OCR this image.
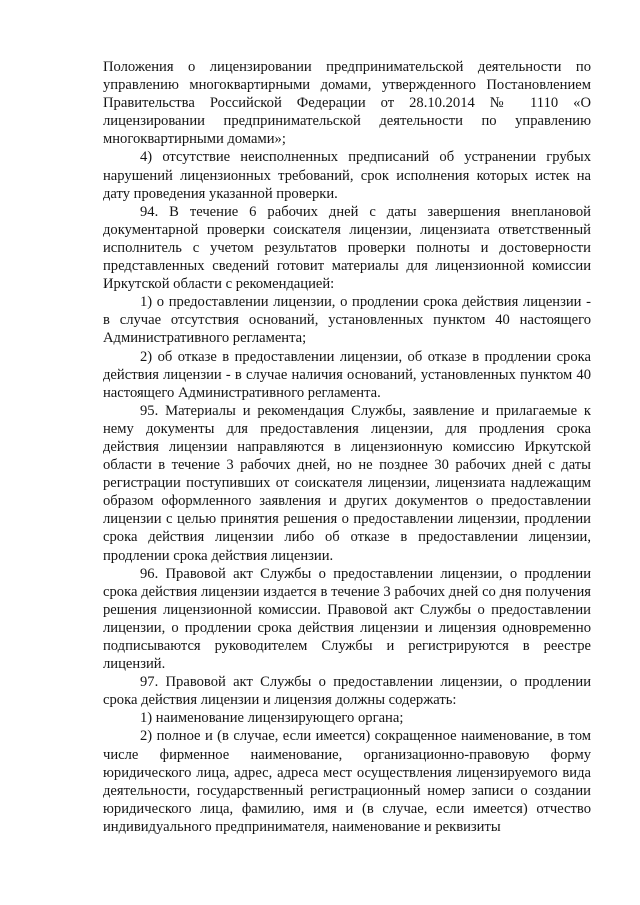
Положения о лицензировании предпринимательской деятельности по управлению многоквартирными домами, утвержденного Постановлением Правительства Российской Федерации от 28.10.2014 № 1110 «О лицензировании предпринимательской деятельности по управлению многоквартирными домами»;

4) отсутствие неисполненных предписаний об устранении грубых нарушений лицензионных требований, срок исполнения которых истек на дату проведения указанной проверки.

94. В течение 6 рабочих дней с даты завершения внеплановой документарной проверки соискателя лицензии, лицензиата ответственный исполнитель с учетом результатов проверки полноты и достоверности представленных сведений готовит материалы для лицензионной комиссии Иркутской области с рекомендацией:

1) о предоставлении лицензии, о продлении срока действия лицензии - в случае отсутствия оснований, установленных пунктом 40 настоящего Административного регламента;

2) об отказе в предоставлении лицензии, об отказе в продлении срока действия лицензии - в случае наличия оснований, установленных пунктом 40 настоящего Административного регламента.

95. Материалы и рекомендация Службы, заявление и прилагаемые к нему документы для предоставления лицензии, для продления срока действия лицензии направляются в лицензионную комиссию Иркутской области в течение 3 рабочих дней, но не позднее 30 рабочих дней с даты регистрации поступивших от соискателя лицензии, лицензиата надлежащим образом оформленного заявления и других документов о предоставлении лицензии с целью принятия решения о предоставлении лицензии, продлении срока действия лицензии либо об отказе в предоставлении лицензии, продлении срока действия лицензии.

96. Правовой акт Службы о предоставлении лицензии, о продлении срока действия лицензии издается в течение 3 рабочих дней со дня получения решения лицензионной комиссии. Правовой акт Службы о предоставлении лицензии, о продлении срока действия лицензии и лицензия одновременно подписываются руководителем Службы и регистрируются в реестре лицензий.

97. Правовой акт Службы о предоставлении лицензии, о продлении срока действия лицензии и лицензия должны содержать:

1) наименование лицензирующего органа;

2) полное и (в случае, если имеется) сокращенное наименование, в том числе фирменное наименование, организационно-правовую форму юридического лица, адрес, адреса мест осуществления лицензируемого вида деятельности, государственный регистрационный номер записи о создании юридического лица, фамилию, имя и (в случае, если имеется) отчество индивидуального предпринимателя, наименование и реквизиты
